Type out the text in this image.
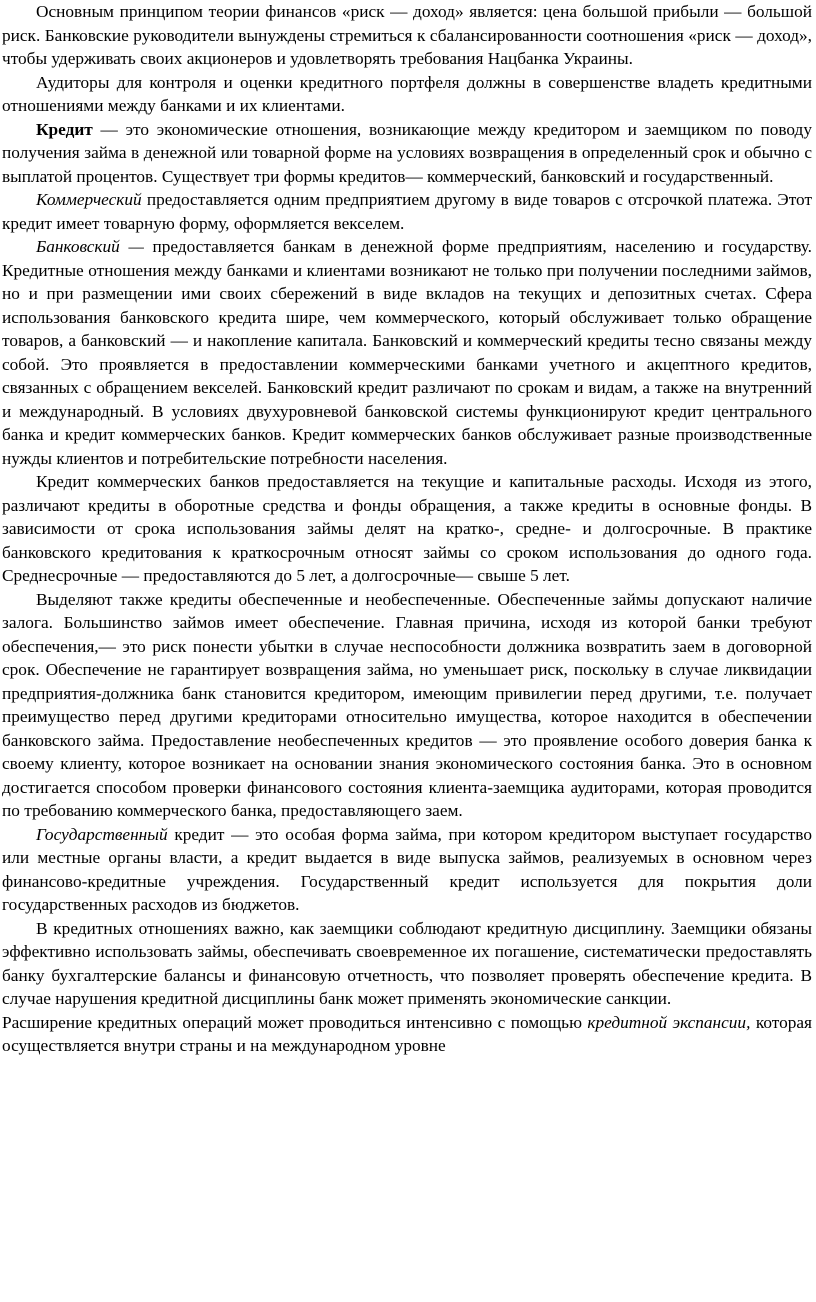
Основным принципом теории финансов «риск — доход» является: цена большой прибыли — большой риск. Банковские руководители вынуждены стремиться к сбалансированности соотношения «риск — доход», чтобы удерживать своих акционеров и удовлетворять требования Нацбанка Украины.

Аудиторы для контроля и оценки кредитного портфеля должны в совершенстве владеть кредитными отношениями между банками и их клиентами.

Кредит — это экономические отношения, возникающие между кредитором и заемщиком по поводу получения займа в денежной или товарной форме на условиях возвращения в определенный срок и обычно с выплатой процентов. Существует три формы кредитов— коммерческий, банковский и государственный.

Коммерческий предоставляется одним предприятием другому в виде товаров с отсрочкой платежа. Этот кредит имеет товарную форму, оформляется векселем.

Банковский — предоставляется банкам в денежной форме предприятиям, населению и государству. Кредитные отношения между банками и клиентами возникают не только при получении последними займов, но и при размещении ими своих сбережений в виде вкладов на текущих и депозитных счетах. Сфера использования банковского кредита шире, чем коммерческого, который обслуживает только обращение товаров, а банковский — и накопление капитала. Банковский и коммерческий кредиты тесно связаны между собой. Это проявляется в предоставлении коммерческими банками учетного и акцептного кредитов, связанных с обращением векселей. Банковский кредит различают по срокам и видам, а также на внутренний и международный. В условиях двухуровневой банковской системы функционируют кредит центрального банка и кредит коммерческих банков. Кредит коммерческих банков обслуживает разные производственные нужды клиентов и потребительские потребности населения.

Кредит коммерческих банков предоставляется на текущие и капитальные расходы. Исходя из этого, различают кредиты в оборотные средства и фонды обращения, а также кредиты в основные фонды. В зависимости от срока использования займы делят на кратко-, средне- и долгосрочные. В практике банковского кредитования к краткосрочным относят займы со сроком использования до одного года. Среднесрочные — предоставляются до 5 лет, а долгосрочные— свыше 5 лет.

Выделяют также кредиты обеспеченные и необеспеченные. Обеспеченные займы допускают наличие залога. Большинство займов имеет обеспечение. Главная причина, исходя из которой банки требуют обеспечения,— это риск понести убытки в случае неспособности должника возвратить заем в договорной срок. Обеспечение не гарантирует возвращения займа, но уменьшает риск, поскольку в случае ликвидации предприятия-должника банк становится кредитором, имеющим привилегии перед другими, т.е. получает преимущество перед другими кредиторами относительно имущества, которое находится в обеспечении банковского займа. Предоставление необеспеченных кредитов — это проявление особого доверия банка к своему клиенту, которое возникает на основании знания экономического состояния банка. Это в основном достигается способом проверки финансового состояния клиента-заемщика аудиторами, которая проводится по требованию коммерческого банка, предоставляющего заем.

Государственный кредит — это особая форма займа, при котором кредитором выступает государство или местные органы власти, а кредит выдается в виде выпуска займов, реализуемых в основном через финансово-кредитные учреждения. Государственный кредит используется для покрытия доли государственных расходов из бюджетов.

В кредитных отношениях важно, как заемщики соблюдают кредитную дисциплину. Заемщики обязаны эффективно использовать займы, обеспечивать своевременное их погашение, систематически предоставлять банку бухгалтерские балансы и финансовую отчетность, что позволяет проверять обеспечение кредита. В случае нарушения кредитной дисциплины банк может применять экономические санкции.

Расширение кредитных операций может проводиться интенсивно с помощью кредитной экспансии, которая осуществляется внутри страны и на международном уровне
